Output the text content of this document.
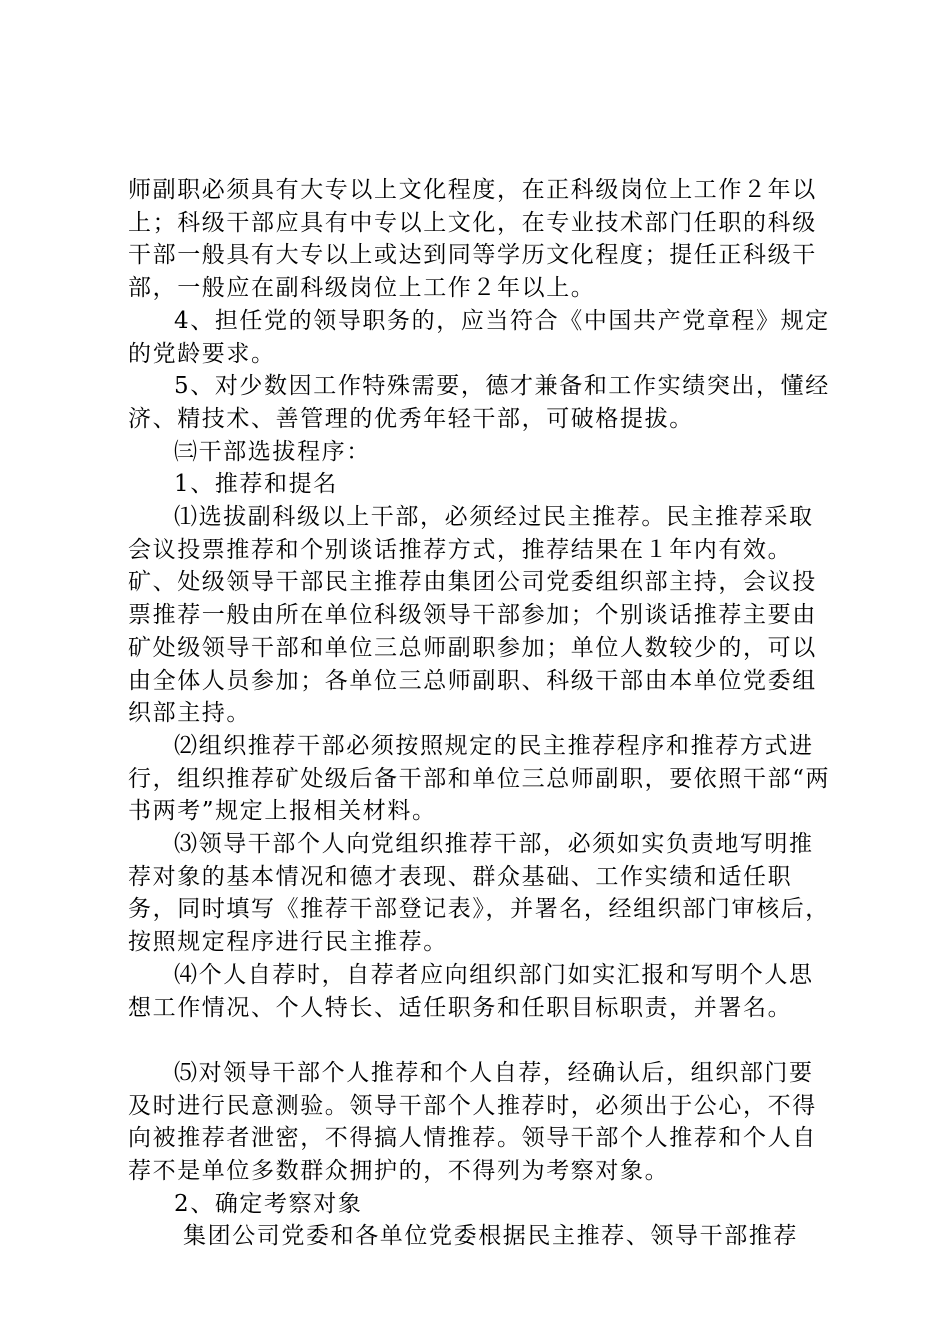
师副职必须具有大专以上文化程度，在正科级岗位上工作２年以上；科级干部应具有中专以上文化，在专业技术部门任职的科级干部一般具有大专以上或达到同等学历文化程度；提任正科级干部，一般应在副科级岗位上工作２年以上。

4、担任党的领导职务的，应当符合《中国共产党章程》规定的党龄要求。

5、对少数因工作特殊需要，德才兼备和工作实绩突出，懂经济、精技术、善管理的优秀年轻干部，可破格提拔。

㈢干部选拔程序：

1、推荐和提名

⑴选拔副科级以上干部，必须经过民主推荐。民主推荐采取会议投票推荐和个别谈话推荐方式，推荐结果在１年内有效。矿、处级领导干部民主推荐由集团公司党委组织部主持，会议投票推荐一般由所在单位科级领导干部参加；个别谈话推荐主要由矿处级领导干部和单位三总师副职参加；单位人数较少的，可以由全体人员参加；各单位三总师副职、科级干部由本单位党委组织部主持。

⑵组织推荐干部必须按照规定的民主推荐程序和推荐方式进行，组织推荐矿处级后备干部和单位三总师副职，要依照干部“两书两考”规定上报相关材料。

⑶领导干部个人向党组织推荐干部，必须如实负责地写明推荐对象的基本情况和德才表现、群众基础、工作实绩和适任职务，同时填写《推荐干部登记表》，并署名，经组织部门审核后，按照规定程序进行民主推荐。

⑷个人自荐时，自荐者应向组织部门如实汇报和写明个人思想工作情况、个人特长、适任职务和任职目标职责，并署名。

⑸对领导干部个人推荐和个人自荐，经确认后，组织部门要及时进行民意测验。领导干部个人推荐时，必须出于公心，不得向被推荐者泄密，不得搞人情推荐。领导干部个人推荐和个人自荐不是单位多数群众拥护的，不得列为考察对象。

2、确定考察对象

集团公司党委和各单位党委根据民主推荐、领导干部推荐
